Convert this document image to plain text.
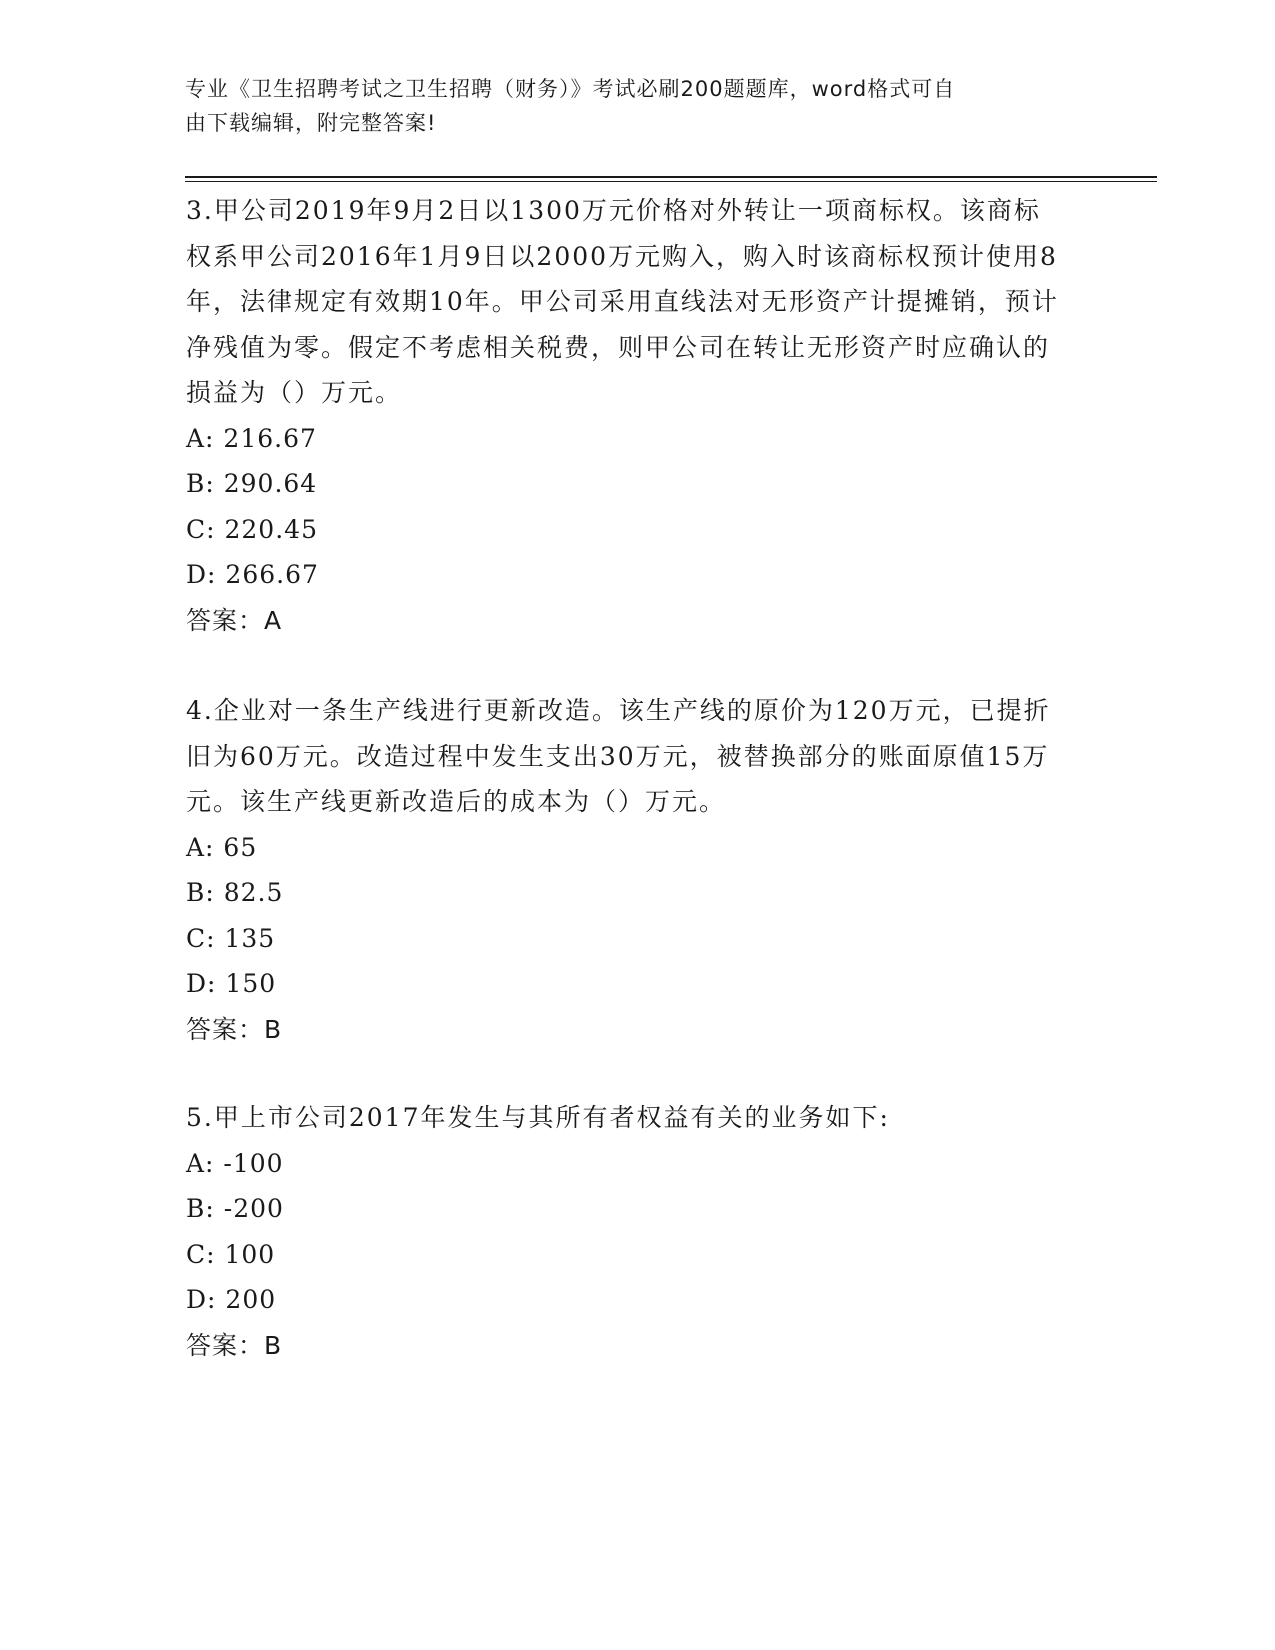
专业《卫生招聘考试之卫生招聘（财务）》考试必刷200题题库，word格式可自
由下载编辑，附完整答案!

3.甲公司2019年9月2日以1300万元价格对外转让一项商标权。该商标权系甲公司2016年1月9日以2000万元购入，购入时该商标权预计使用8年，法律规定有效期10年。甲公司采用直线法对无形资产计提摊销，预计净残值为零。假定不考虑相关税费，则甲公司在转让无形资产时应确认的损益为（）万元。

A: 216.67

B: 290.64

C: 220.45

D: 266.67

答案：A

4.企业对一条生产线进行更新改造。该生产线的原价为120万元，已提折旧为60万元。改造过程中发生支出30万元，被替换部分的账面原值15万元。该生产线更新改造后的成本为（）万元。

A: 65

B: 82.5

C: 135

D: 150

答案：B

5.甲上市公司2017年发生与其所有者权益有关的业务如下:

A: -100

B: -200

C: 100

D: 200

答案：B
